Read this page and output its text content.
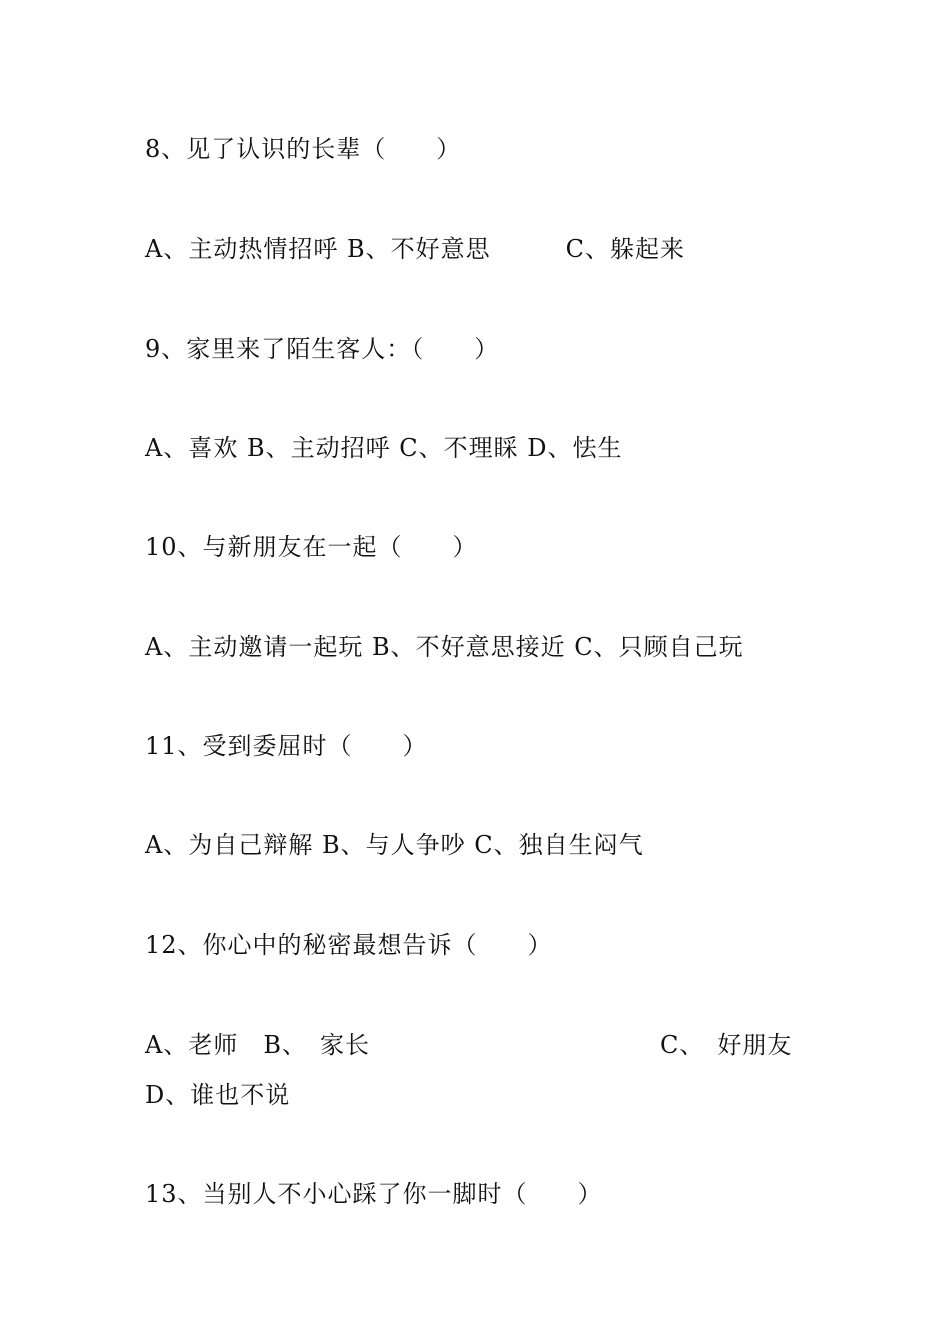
8、见了认识的长辈（　　）
A、主动热情招呼 B、不好意思　　　C、躲起来
9、家里来了陌生客人：（　　）
A、喜欢 B、主动招呼 C、不理睬 D、怯生
10、与新朋友在一起（　　）
A、主动邀请一起玩 B、不好意思接近 C、只顾自己玩
11、受到委屈时（　　）
A、为自己辩解 B、与人争吵 C、独自生闷气
12、你心中的秘密最想告诉（　　）
A、老师　B、　家长	C、　好朋友
D、谁也不说
13、当别人不小心踩了你一脚时（　　）
